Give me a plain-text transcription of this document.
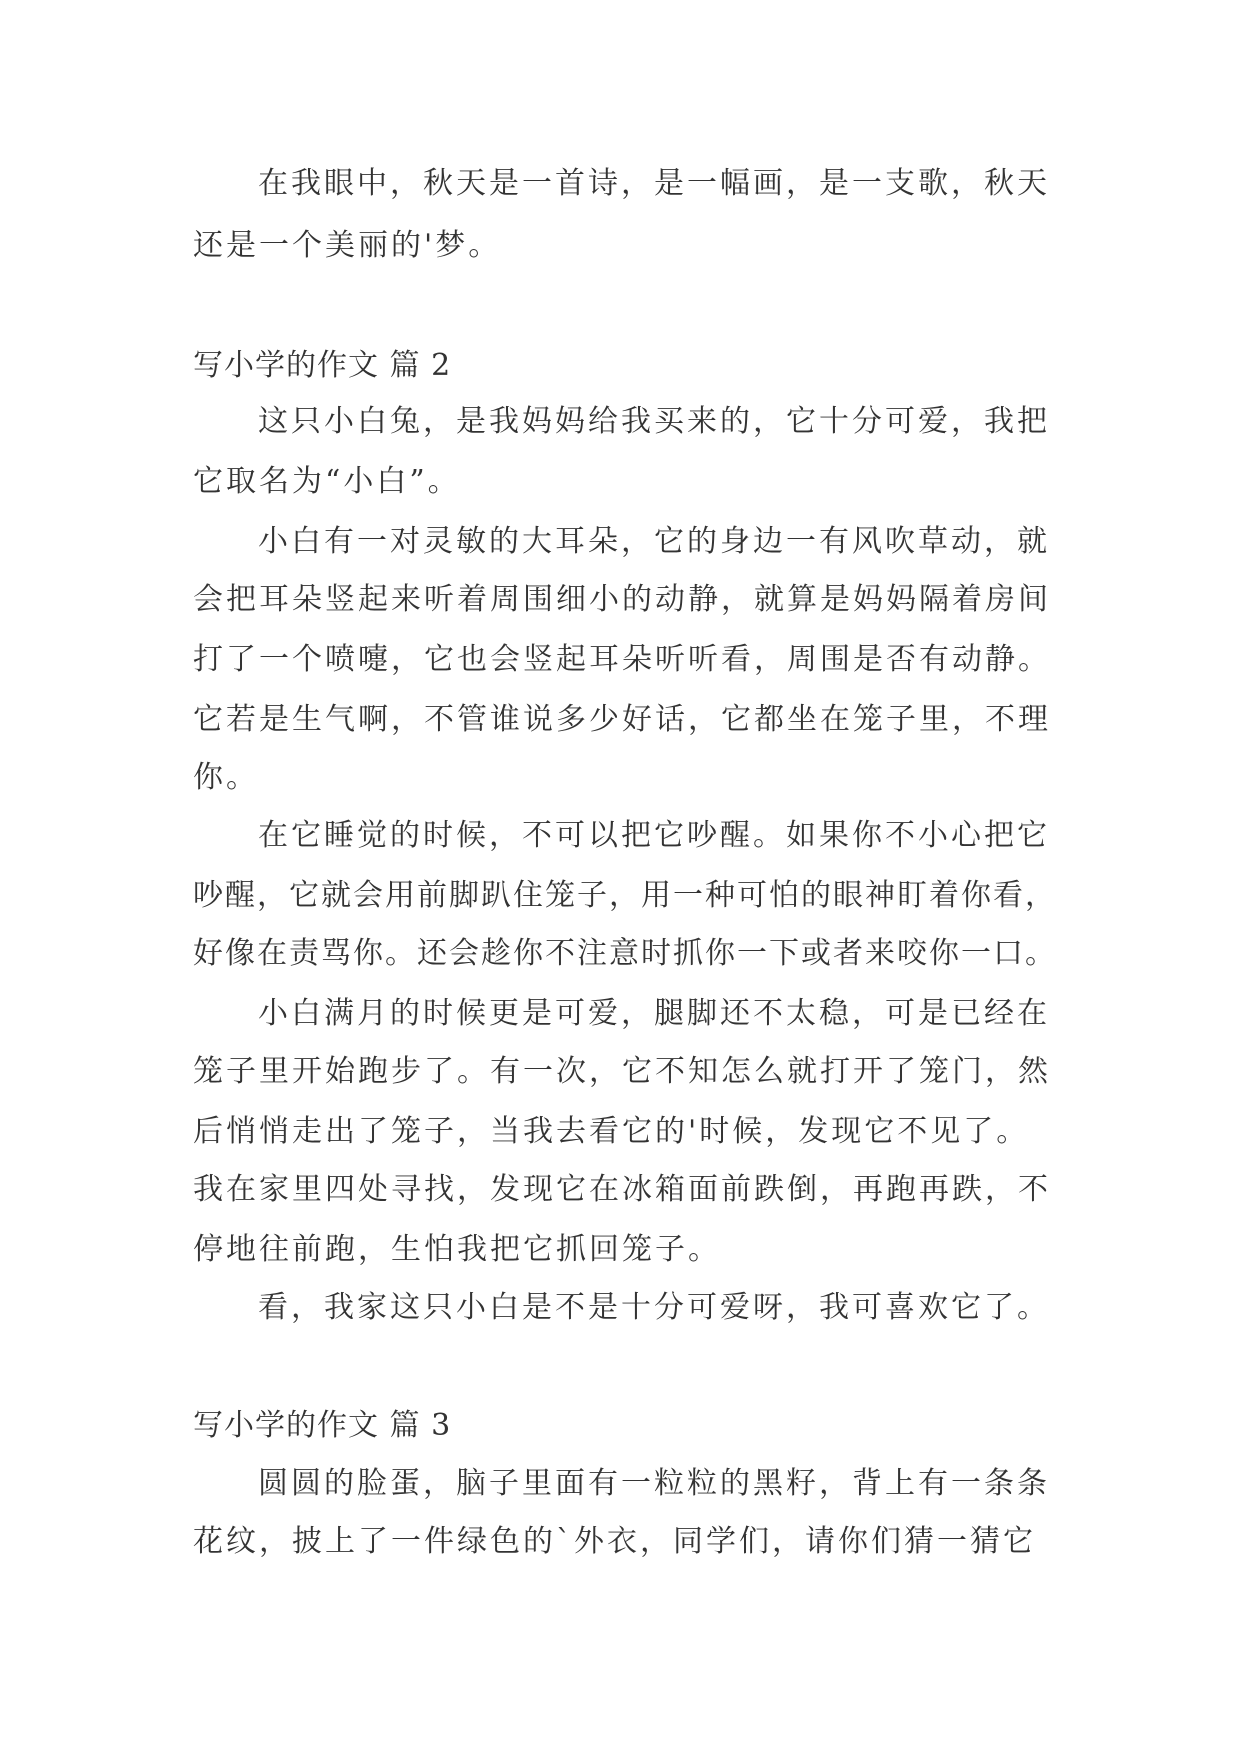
在我眼中，秋天是一首诗，是一幅画，是一支歌，秋天
还是一个美丽的'梦。
写小学的作文 篇 2
这只小白兔，是我妈妈给我买来的，它十分可爱，我把
它取名为“小白”。
小白有一对灵敏的大耳朵，它的身边一有风吹草动，就
会把耳朵竖起来听着周围细小的动静，就算是妈妈隔着房间
打了一个喷嚏，它也会竖起耳朵听听看，周围是否有动静。
它若是生气啊，不管谁说多少好话，它都坐在笼子里，不理
你。
在它睡觉的时候，不可以把它吵醒。如果你不小心把它
吵醒，它就会用前脚趴住笼子，用一种可怕的眼神盯着你看，
好像在责骂你。还会趁你不注意时抓你一下或者来咬你一口。
小白满月的时候更是可爱，腿脚还不太稳，可是已经在
笼子里开始跑步了。有一次，它不知怎么就打开了笼门，然
后悄悄走出了笼子，当我去看它的'时候，发现它不见了。
我在家里四处寻找，发现它在冰箱面前跌倒，再跑再跌，不
停地往前跑，生怕我把它抓回笼子。
看，我家这只小白是不是十分可爱呀，我可喜欢它了。
写小学的作文 篇 3
圆圆的脸蛋，脑子里面有一粒粒的黑籽，背上有一条条
花纹，披上了一件绿色的`外衣，同学们，请你们猜一猜它
